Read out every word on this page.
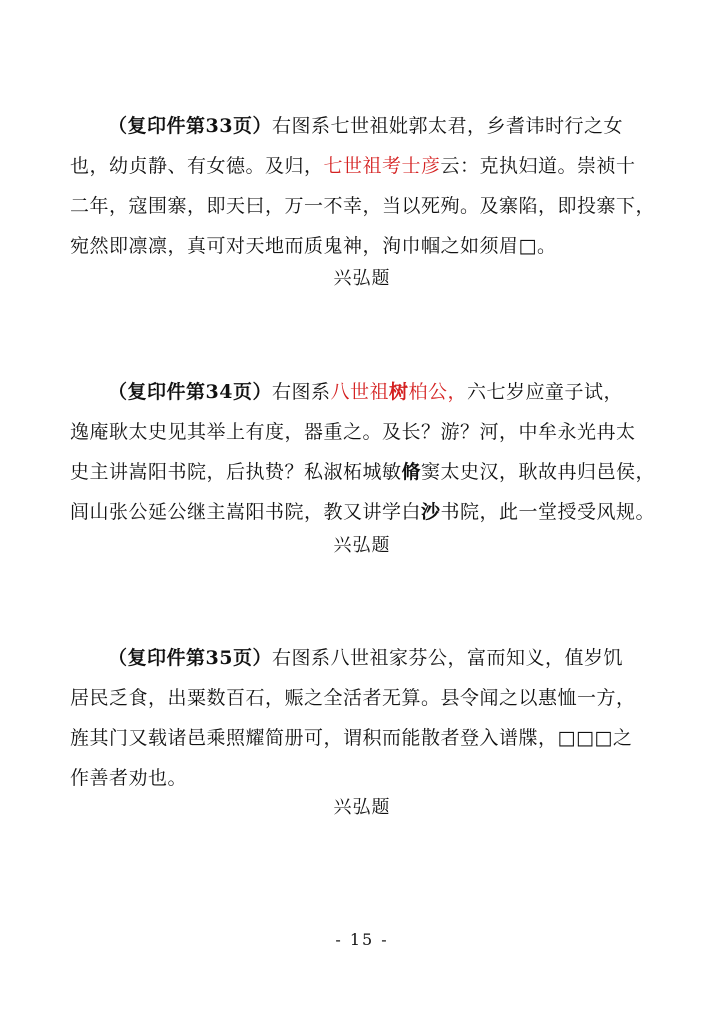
（复印件第33页）右图系七世祖妣郭太君，乡耆讳时行之女
也，幼贞静、有女德。及归，七世祖考士彦云：克执妇道。崇祯十
二年，寇围寨，即天曰，万一不幸，当以死殉。及寨陷，即投寨下，
宛然即凛凛，真可对天地而质鬼神，洵巾帼之如须眉□。
兴弘题
（复印件第34页）右图系八世祖树柏公，六七岁应童子试，
逸庵耿太史见其举上有度，器重之。及长？游？河，中牟永光冉太
史主讲嵩阳书院，后执贽？私淑柘城敏脩窦太史汉，耿故冉归邑侯，
闾山张公延公继主嵩阳书院，教又讲学白沙书院，此一堂授受风规。
兴弘题
（复印件第35页）右图系八世祖家芬公，富而知义，值岁饥
居民乏食，出粟数百石，赈之全活者无算。县令闻之以惠恤一方，
旌其门又载诸邑乘照耀简册可，谓积而能散者登入谱牒，□□□之
作善者劝也。
兴弘题
- 15 -
